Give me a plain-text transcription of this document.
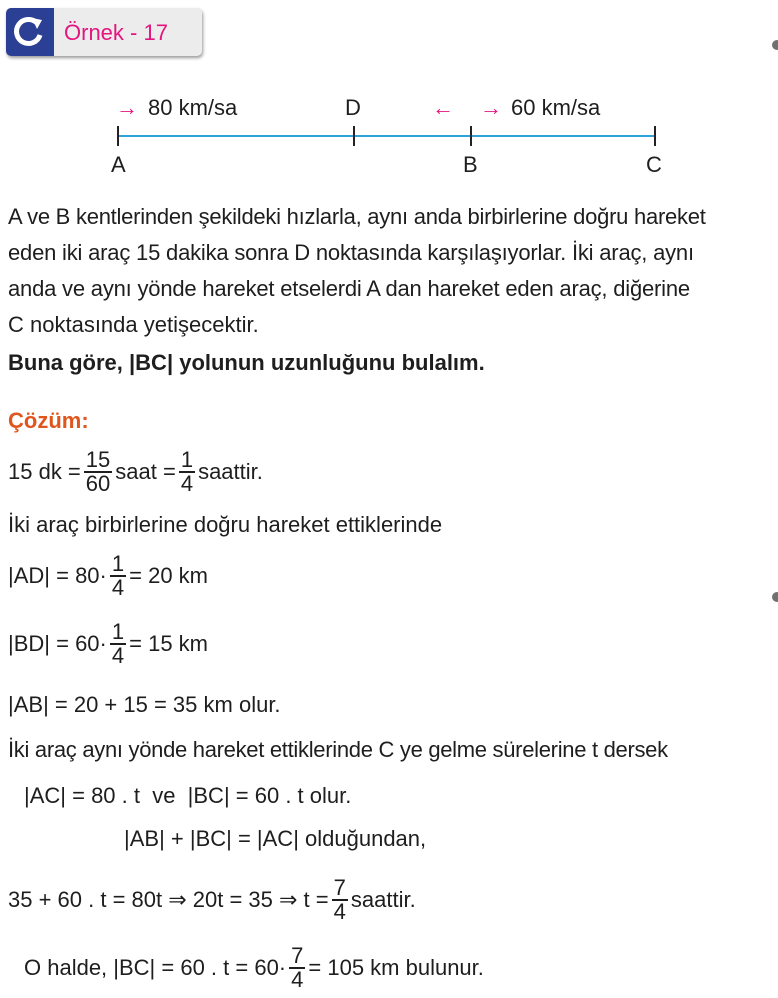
Örnek - 17
→ 80 km/sa	D	← → 60 km/sa
A	B	C
A ve B kentlerinden şekildeki hızlarla, aynı anda birbirlerine doğru hareket
eden iki araç 15 dakika sonra D noktasında karşılaşıyorlar. İki araç, aynı
anda ve aynı yönde hareket etselerdi A dan hareket eden araç, diğerine
C noktasında yetişecektir.
Buna göre, |BC| yolunun uzunluğunu bulalım.
Çözüm:
15 dk = $\frac{15}{60}$ saat = $\frac{1}{4}$ saattir.
İki araç birbirlerine doğru hareket ettiklerinde
$|AD| = 80\cdot \frac{1}{4} = 20$ km
$|BD| = 60\cdot \frac{1}{4} = 15$ km
|AB| = 20 + 15 = 35 km olur.
İki araç aynı yönde hareket ettiklerinde C ye gelme sürelerine t dersek
|AC| = 80 . t  ve  |BC| = 60 . t olur.
|AB| + |BC| = |AC| olduğundan,
35 + 60 . t = 80t ⇒ 20t = 35 ⇒ $t = \frac{7}{4}$ saattir.
O halde, |BC| = 60 . $t = 60\cdot \frac{7}{4} = 105$ km bulunur.
